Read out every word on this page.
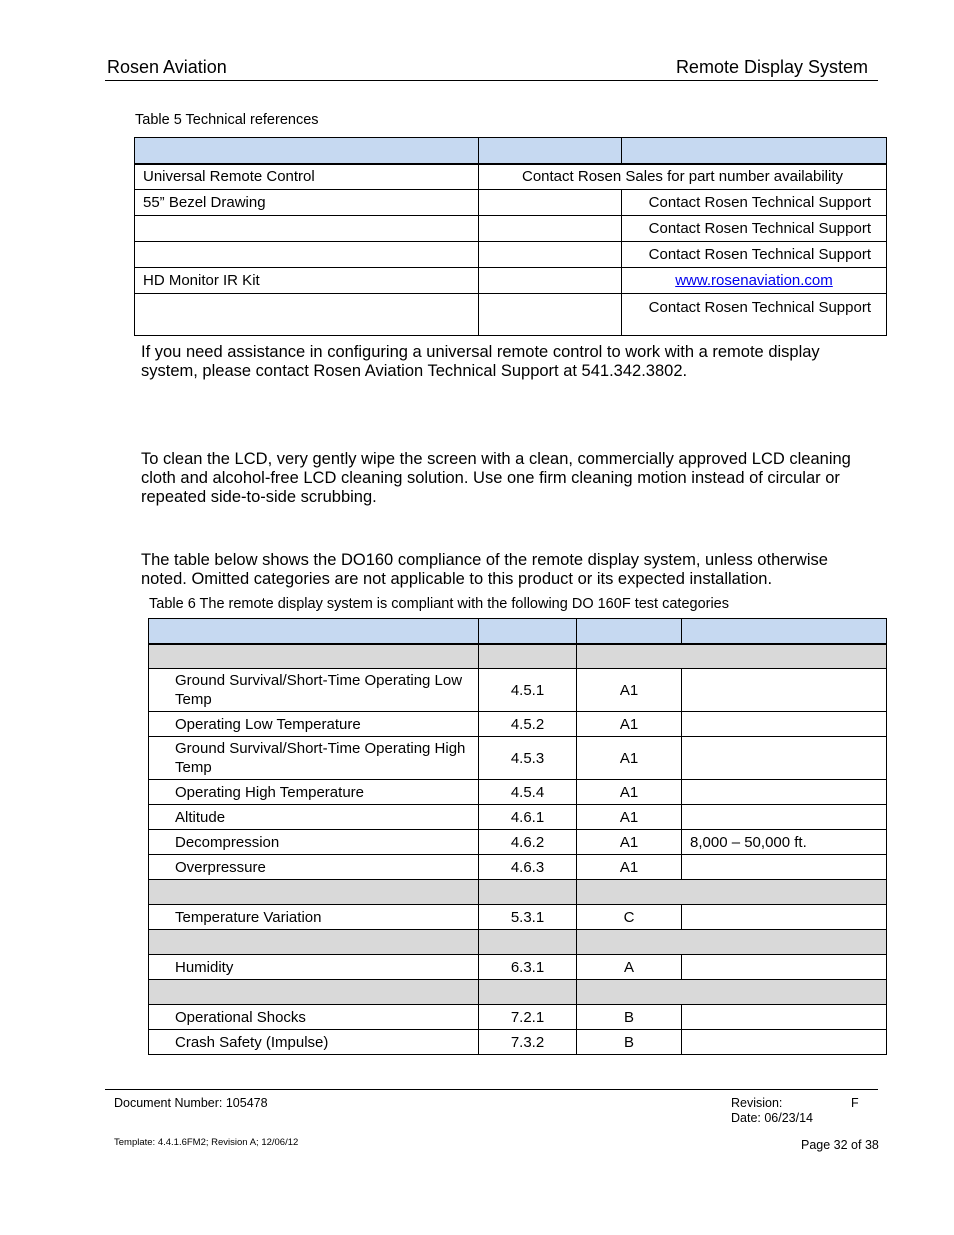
Rosen Aviation	Remote Display System
Table 5 Technical references

Universal Remote Control	Contact Rosen Sales for part number availability	
55” Bezel Drawing		Contact Rosen Technical Support
		Contact Rosen Technical Support
		Contact Rosen Technical Support
HD Monitor IR Kit		www.rosenaviation.com
		Contact Rosen Technical Support
If you need assistance in configuring a universal remote control to work with a remote display system, please contact Rosen Aviation Technical Support at 541.342.3802.
To clean the LCD, very gently wipe the screen with a clean, commercially approved LCD cleaning cloth and alcohol-free LCD cleaning solution. Use one firm cleaning motion instead of circular or repeated side-to-side scrubbing.
The table below shows the DO160 compliance of the remote display system, unless otherwise noted. Omitted categories are not applicable to this product or its expected installation.
Table 6 The remote display system is compliant with the following DO 160F test categories

Ground Survival/Short-Time Operating Low Temp	4.5.1	A1	
Operating Low Temperature	4.5.2	A1	
Ground Survival/Short-Time Operating High Temp	4.5.3	A1	
Operating High Temperature	4.5.4	A1	
Altitude	4.6.1	A1	
Decompression	4.6.2	A1	8,000 – 50,000 ft.
Overpressure	4.6.3	A1	

Temperature Variation	5.3.1	C	

Humidity	6.3.1	A	

Operational Shocks	7.2.1	B	
Crash Safety (Impulse)	7.3.2	B	
Document Number: 105478	Revision:	F
Date: 06/23/14
Template: 4.4.1.6FM2; Revision A; 12/06/12	Page 32 of 38
